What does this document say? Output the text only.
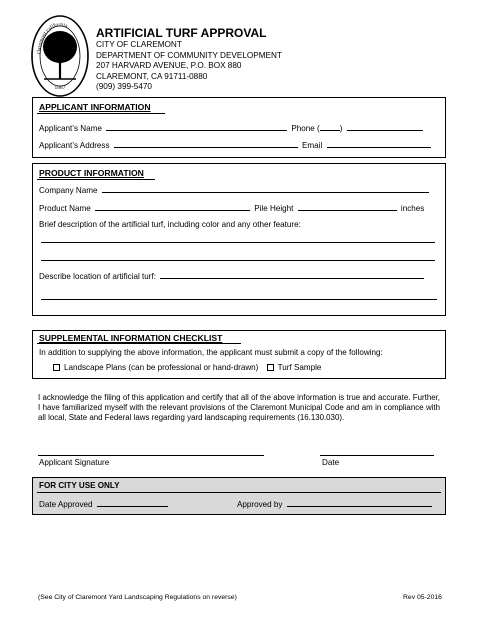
claremont california
1887
ARTIFICIAL TURF APPROVAL
CITY OF CLAREMONT
DEPARTMENT OF COMMUNITY DEVELOPMENT
207 HARVARD AVENUE, P.O. BOX 880
CLAREMONT, CA 91711-0880
(909) 399-5470
APPLICANT INFORMATION
Applicant’s Name	Phone ( )
Applicant’s Address	Email
PRODUCT INFORMATION
Company Name
Product Name	Pile Height	inches
Brief description of the artificial turf, including color and any other feature:
Describe location of artificial turf:
SUPPLEMENTAL INFORMATION CHECKLIST
In addition to supplying the above information, the applicant must submit a copy of the following:
Landscape Plans (can be professional or hand-drawn) Turf Sample
I acknowledge the filing of this application and certify that all of the above information is true and accurate. Further, I have familiarized myself with the relevant provisions of the Claremont Municipal Code and am in compliance with all local, State and Federal laws regarding yard landscaping requirements (16.130.030).
Applicant Signature	Date
FOR CITY USE ONLY
Date Approved	Approved by
(See City of Claremont Yard Landscaping Regulations on reverse)	Rev 05-2016
